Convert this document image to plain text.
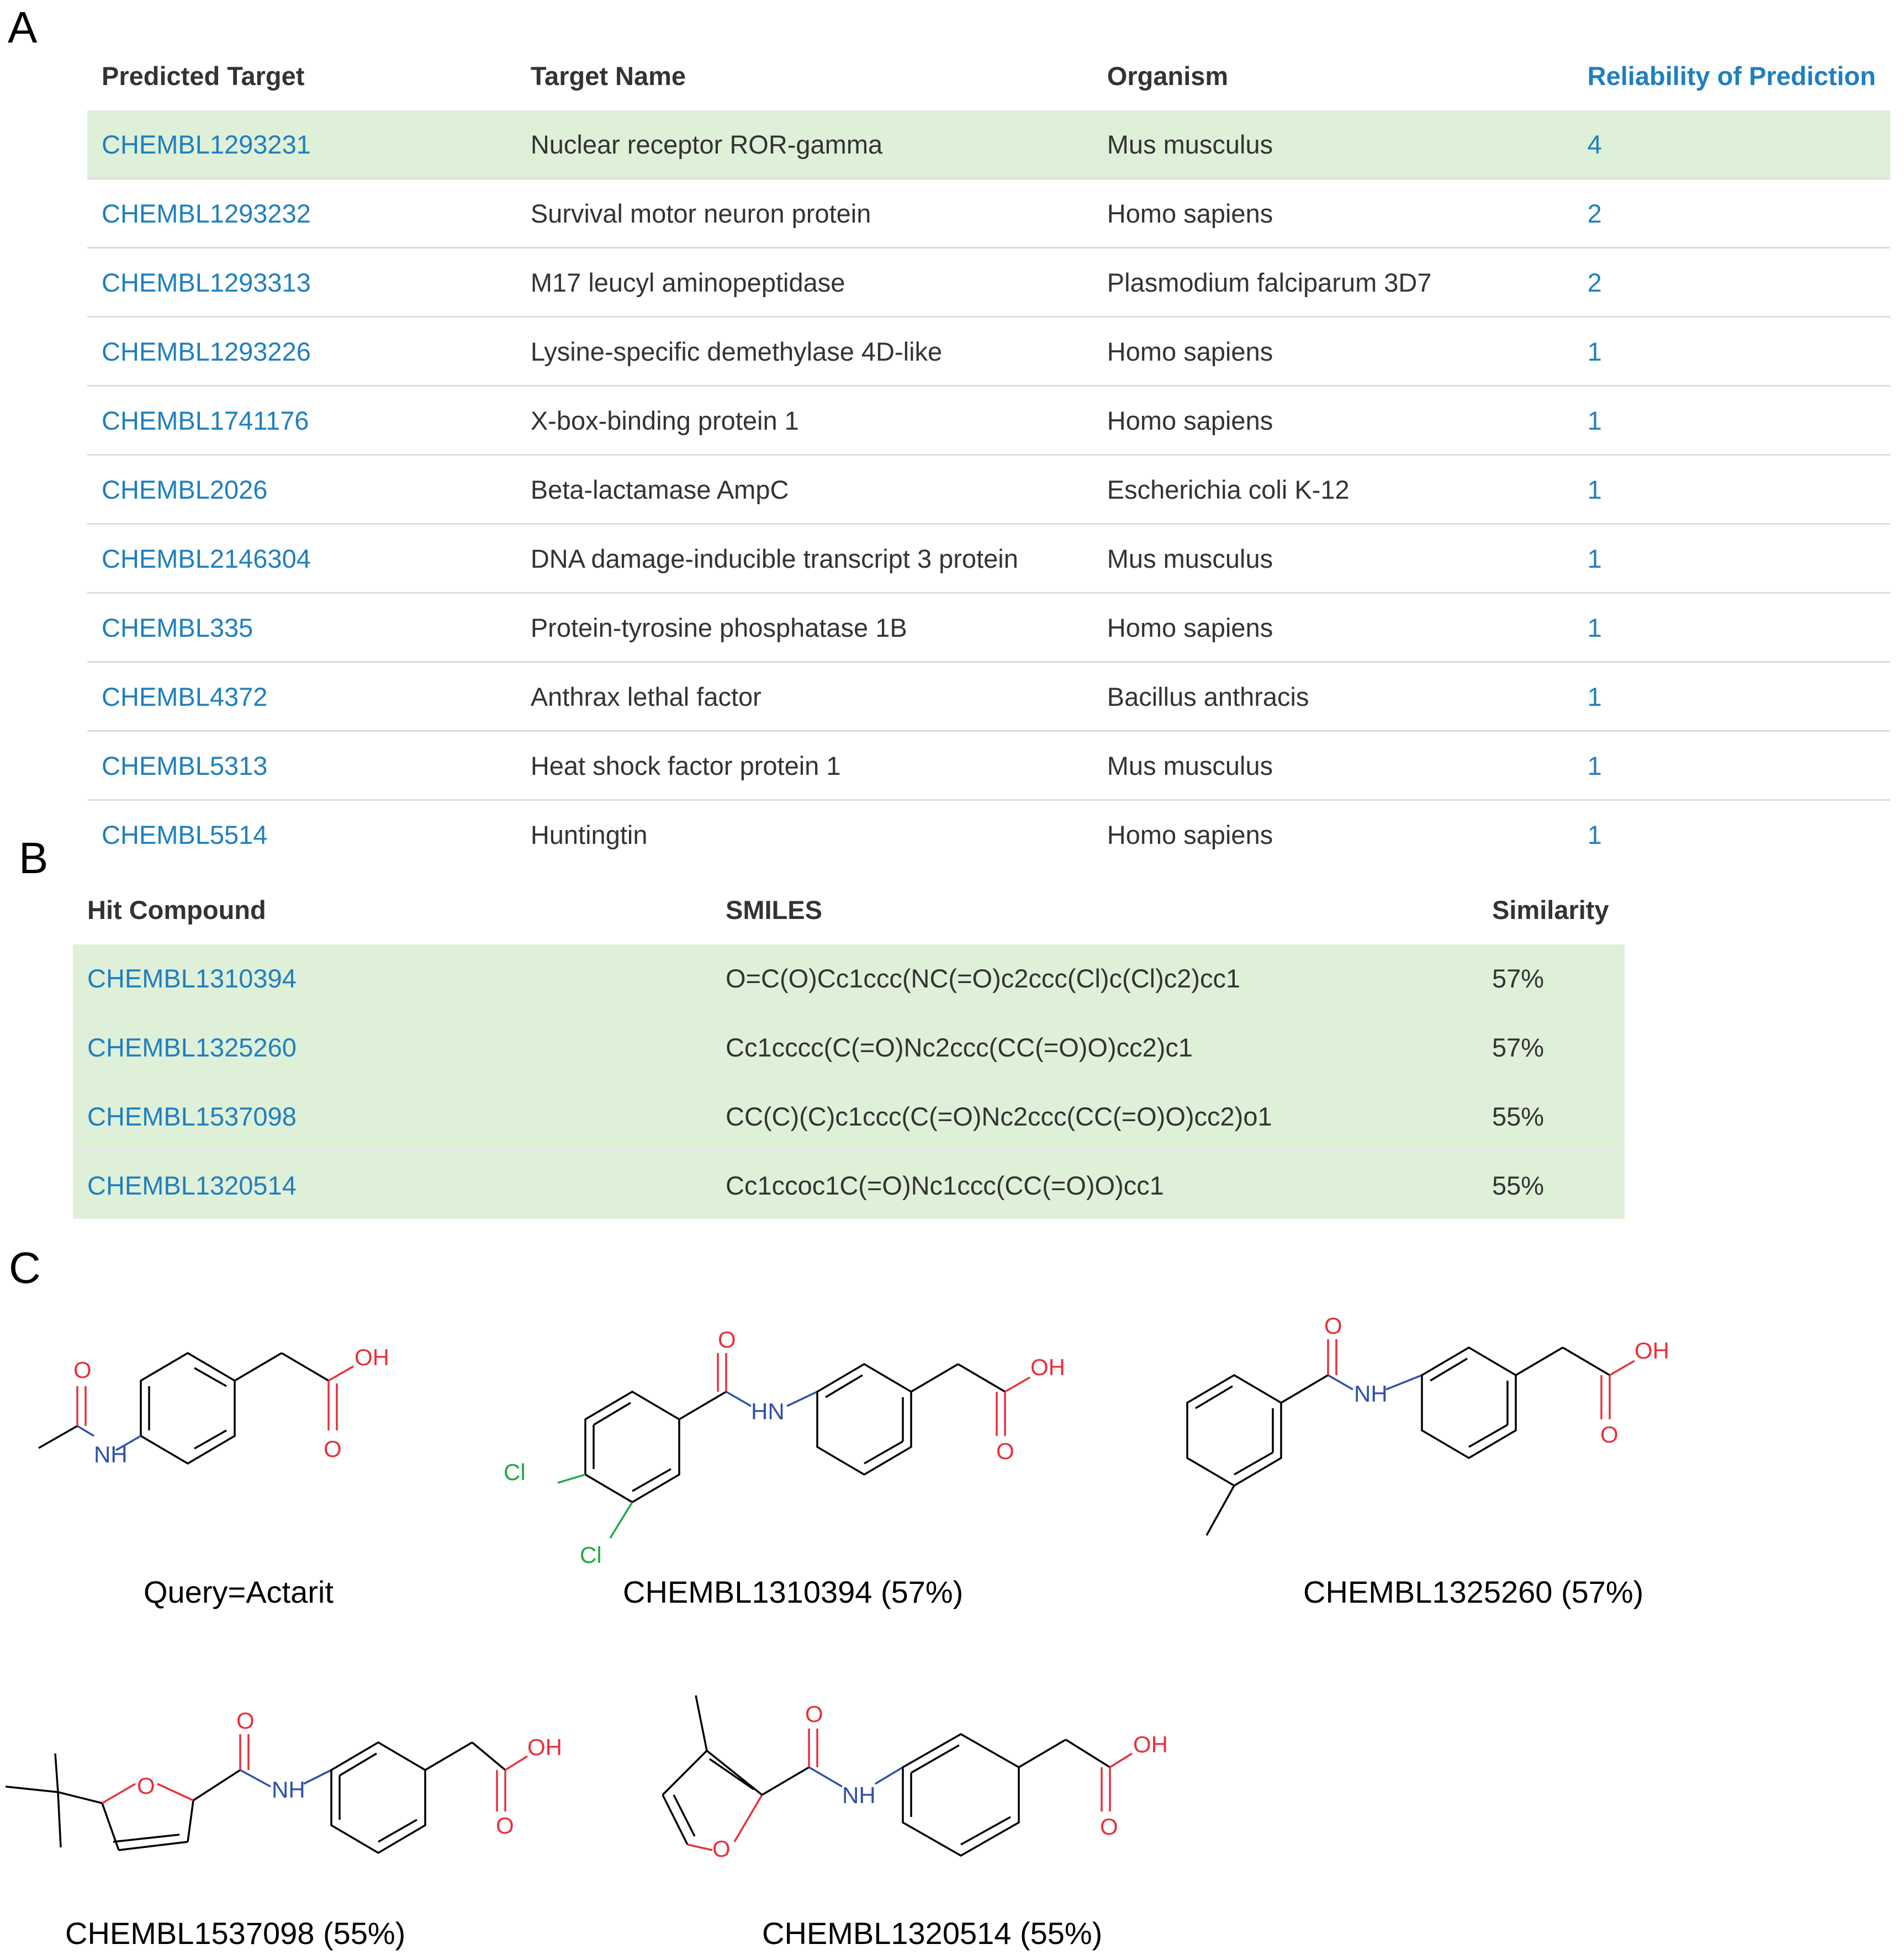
A
B
C
Predicted Target	Target Name	Organism	Reliability of Prediction
CHEMBL1293231	Nuclear receptor ROR-gamma	Mus musculus	4
CHEMBL1293232	Survival motor neuron protein	Homo sapiens	2
CHEMBL1293313	M17 leucyl aminopeptidase	Plasmodium falciparum 3D7	2
CHEMBL1293226	Lysine-specific demethylase 4D-like	Homo sapiens	1
CHEMBL1741176	X-box-binding protein 1	Homo sapiens	1
CHEMBL2026	Beta-lactamase AmpC	Escherichia coli K-12	1
CHEMBL2146304	DNA damage-inducible transcript 3 protein	Mus musculus	1
CHEMBL335	Protein-tyrosine phosphatase 1B	Homo sapiens	1
CHEMBL4372	Anthrax lethal factor	Bacillus anthracis	1
CHEMBL5313	Heat shock factor protein 1	Mus musculus	1
CHEMBL5514	Huntingtin	Homo sapiens	1
Hit Compound	SMILES	Similarity
CHEMBL1310394	O=C(O)Cc1ccc(NC(=O)c2ccc(Cl)c(Cl)c2)cc1	57%
CHEMBL1325260	Cc1cccc(C(=O)Nc2ccc(CC(=O)O)cc2)c1	57%
CHEMBL1537098	CC(C)(C)c1ccc(C(=O)Nc2ccc(CC(=O)O)cc2)o1	55%
CHEMBL1320514	Cc1ccoc1C(=O)Nc1ccc(CC(=O)O)cc1	55%
OH
O
NH
O
O
HN
OH
O
Cl
Cl
O
NH
OH
O
O
O
NH
OH
O
O
O
NH
OH
O
Query=Actarit	CHEMBL1310394 (57%)	CHEMBL1325260 (57%)
CHEMBL1537098 (55%)	CHEMBL1320514 (55%)
